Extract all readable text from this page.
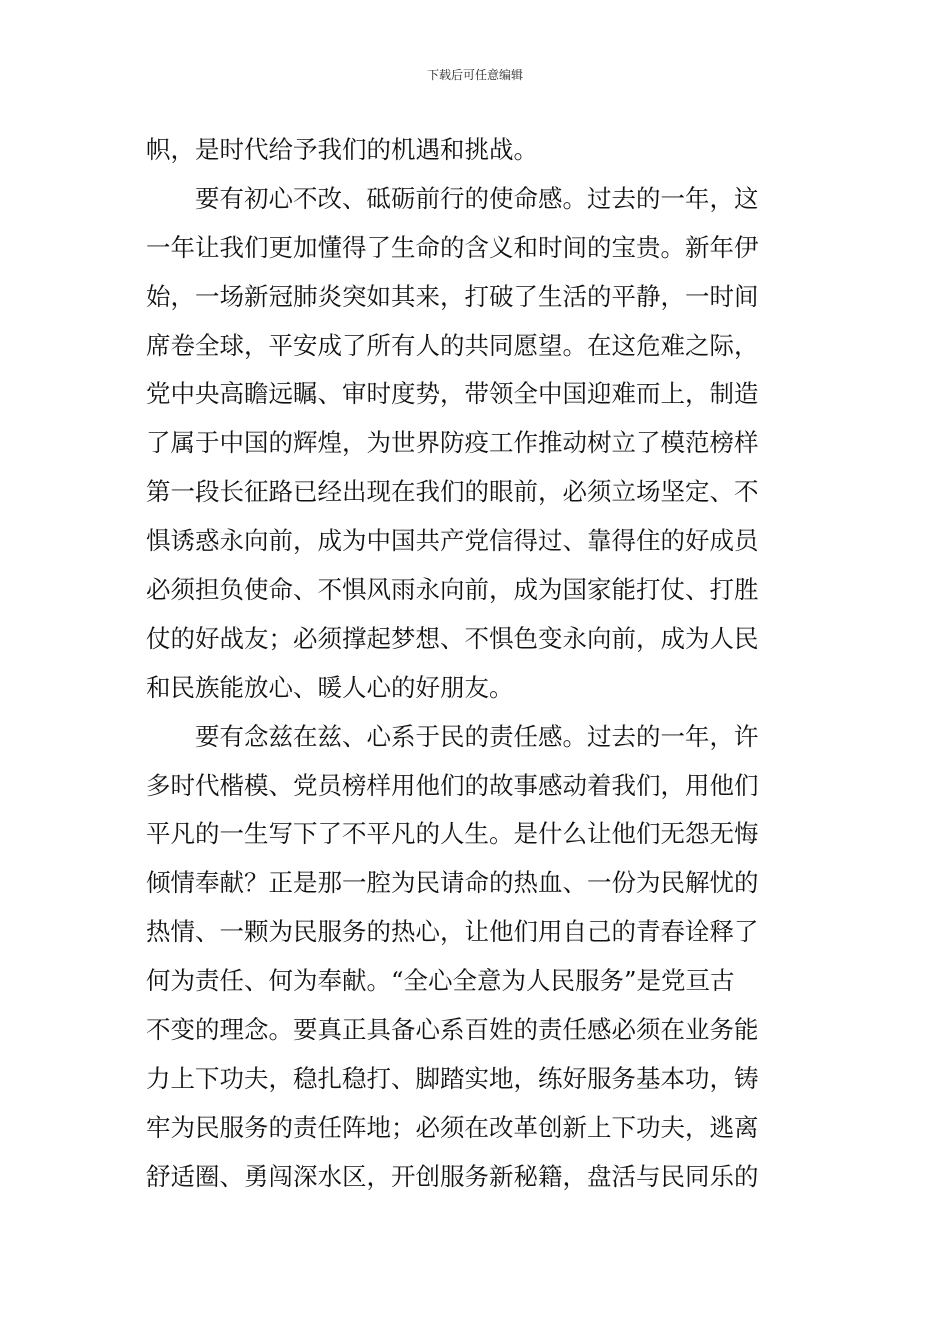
下载后可任意编辑

帜，是时代给予我们的机遇和挑战。

要有初心不改、砥砺前行的使命感。过去的一年，这
一年让我们更加懂得了生命的含义和时间的宝贵。新年伊
始，一场新冠肺炎突如其来，打破了生活的平静，一时间
席卷全球，平安成了所有人的共同愿望。在这危难之际，
党中央高瞻远瞩、审时度势，带领全中国迎难而上，制造
了属于中国的辉煌，为世界防疫工作推动树立了模范榜样
第一段长征路已经出现在我们的眼前，必须立场坚定、不
惧诱惑永向前，成为中国共产党信得过、靠得住的好成员
必须担负使命、不惧风雨永向前，成为国家能打仗、打胜
仗的好战友；必须撑起梦想、不惧色变永向前，成为人民
和民族能放心、暖人心的好朋友。

要有念兹在兹、心系于民的责任感。过去的一年，许
多时代楷模、党员榜样用他们的故事感动着我们，用他们
平凡的一生写下了不平凡的人生。是什么让他们无怨无悔
倾情奉献？正是那一腔为民请命的热血、一份为民解忧的
热情、一颗为民服务的热心，让他们用自己的青春诠释了
何为责任、何为奉献。“全心全意为人民服务”是党亘古
不变的理念。要真正具备心系百姓的责任感必须在业务能
力上下功夫，稳扎稳打、脚踏实地，练好服务基本功，铸
牢为民服务的责任阵地；必须在改革创新上下功夫，逃离
舒适圈、勇闯深水区，开创服务新秘籍，盘活与民同乐的
